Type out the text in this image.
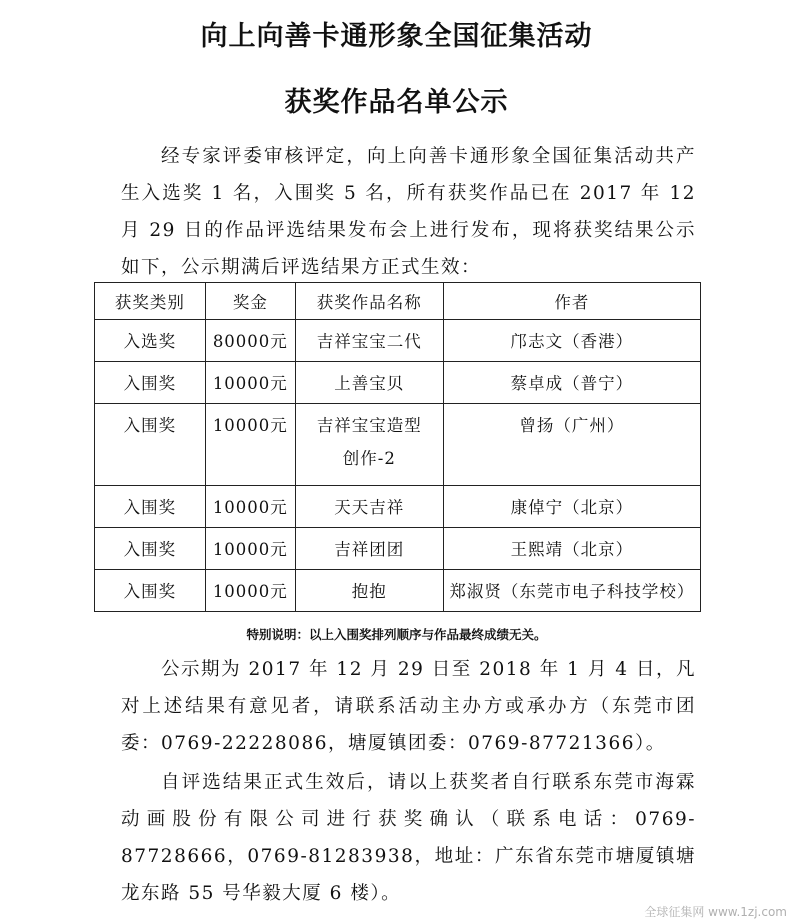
向上向善卡通形象全国征集活动
获奖作品名单公示

经专家评委审核评定，向上向善卡通形象全国征集活动共产生入选奖 1 名，入围奖 5 名，所有获奖作品已在 2017 年 12 月 29 日的作品评选结果发布会上进行发布，现将获奖结果公示如下，公示期满后评选结果方正式生效：

获奖类别	奖金	获奖作品名称	作者
入选奖	80000元	吉祥宝宝二代	邝志文（香港）
入围奖	10000元	上善宝贝	蔡卓成（普宁）
入围奖	10000元	吉祥宝宝造型创作-2	曾扬（广州）
入围奖	10000元	天天吉祥	康倬宁（北京）
入围奖	10000元	吉祥团团	王熙靖（北京）
入围奖	10000元	抱抱	郑淑贤（东莞市电子科技学校）

特别说明：以上入围奖排列顺序与作品最终成绩无关。

公示期为 2017 年 12 月 29 日至 2018 年 1 月 4 日，凡对上述结果有意见者，请联系活动主办方或承办方（东莞市团委：0769-22228086，塘厦镇团委：0769-87721366）。

自评选结果正式生效后，请以上获奖者自行联系东莞市海霖动画股份有限公司进行获奖确认（联系电话：0769-87728666，0769-81283938，地址：广东省东莞市塘厦镇塘龙东路 55 号华毅大厦 6 楼）。

全球征集网 www.1zj.com
